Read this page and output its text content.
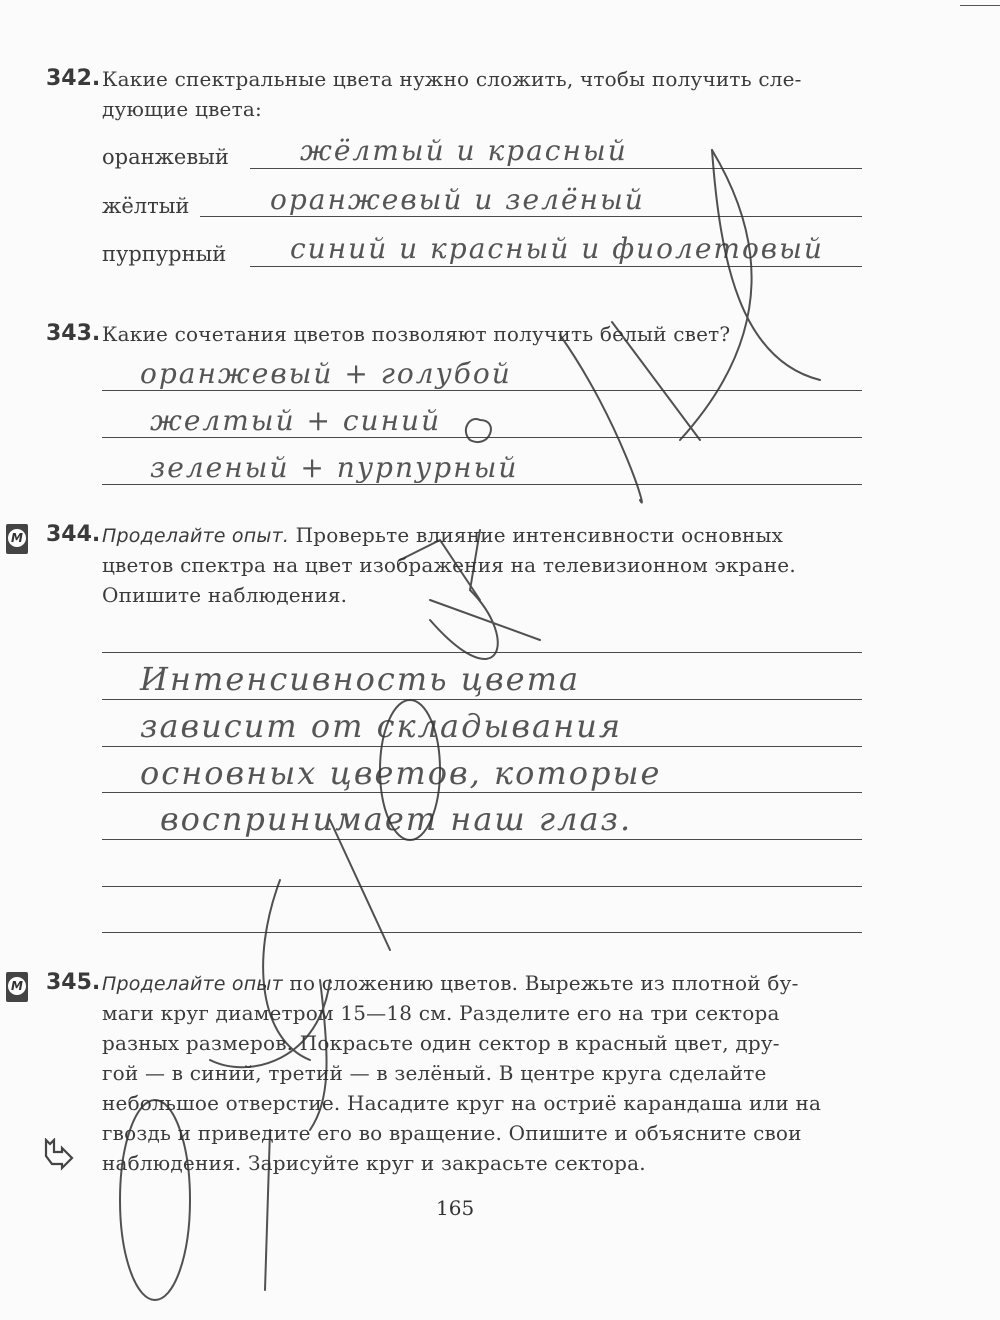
342. Какие спектральные цвета нужно сложить, чтобы получить сле-
дующие цвета:
оранжевый	жёлтый и красный
жёлтый	оранжевый и зелёный
пурпурный синий и красный и фиолетовый
343. Какие сочетания цветов позволяют получить белый свет?
оранжевый + голубой
желтый + синий
зеленый + пурпурный
М 344. Проделайте опыт. Проверьте влияние интенсивности основных
цветов спектра на цвет изображения на телевизионном экране.
Опишите наблюдения.
Интенсивность цвета
зависит от складывания
основных цветов, которые
воспринимает наш глаз.
М 345. Проделайте опыт по сложению цветов. Вырежьте из плотной бу-
маги круг диаметром 15—18 см. Разделите его на три сектора
разных размеров. Покрасьте один сектор в красный цвет, дру-
гой — в синий, третий — в зелёный. В центре круга сделайте
небольшое отверстие. Насадите круг на остриё карандаша или на
гвоздь и приведите его во вращение. Опишите и объясните свои
наблюдения. Зарисуйте круг и закрасьте сектора.
165
